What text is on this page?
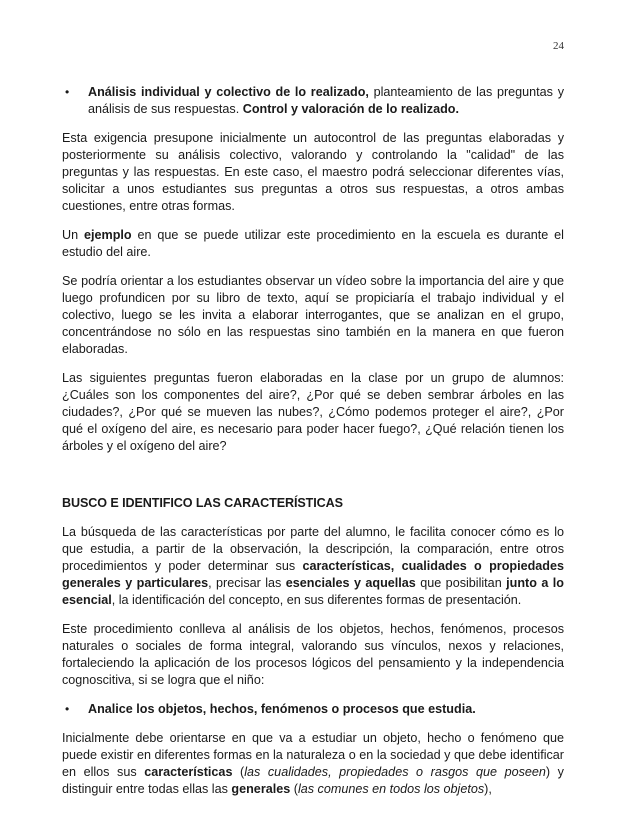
24
• Análisis individual y colectivo de lo realizado, planteamiento de las preguntas y análisis de sus respuestas. Control y valoración de lo realizado.

Esta exigencia presupone inicialmente un autocontrol de las preguntas elaboradas y posteriormente su análisis colectivo, valorando y controlando la "calidad" de las preguntas y las respuestas. En este caso, el maestro podrá seleccionar diferentes vías, solicitar a unos estudiantes sus preguntas a otros sus respuestas, a otros ambas cuestiones, entre otras formas.

Un ejemplo en que se puede utilizar este procedimiento en la escuela es durante el estudio del aire.

Se podría orientar a los estudiantes observar un vídeo sobre la importancia del aire y que luego profundicen por su libro de texto, aquí se propiciaría el trabajo individual y el colectivo, luego se les invita a elaborar interrogantes, que se analizan en el grupo, concentrándose no sólo en las respuestas sino también en la manera en que fueron elaboradas.

Las siguientes preguntas fueron elaboradas en la clase por un grupo de alumnos: ¿Cuáles son los componentes del aire?, ¿Por qué se deben sembrar árboles en las ciudades?, ¿Por qué se mueven las nubes?, ¿Cómo podemos proteger el aire?, ¿Por qué el oxígeno del aire, es necesario para poder hacer fuego?, ¿Qué relación tienen los árboles y el oxígeno del aire?

BUSCO E IDENTIFICO LAS CARACTERÍSTICAS

La búsqueda de las características por parte del alumno, le facilita conocer cómo es lo que estudia, a partir de la observación, la descripción, la comparación, entre otros procedimientos y poder determinar sus características, cualidades o propiedades generales y particulares, precisar las esenciales y aquellas que posibilitan junto a lo esencial, la identificación del concepto, en sus diferentes formas de presentación.

Este procedimiento conlleva al análisis de los objetos, hechos, fenómenos, procesos naturales o sociales de forma integral, valorando sus vínculos, nexos y relaciones, fortaleciendo la aplicación de los procesos lógicos del pensamiento y la independencia cognoscitiva, si se logra que el niño:

• Analice los objetos, hechos, fenómenos o procesos que estudia.

Inicialmente debe orientarse en que va a estudiar un objeto, hecho o fenómeno que puede existir en diferentes formas en la naturaleza o en la sociedad y que debe identificar en ellos sus características (las cualidades, propiedades o rasgos que poseen) y distinguir entre todas ellas las generales (las comunes en todos los objetos),
